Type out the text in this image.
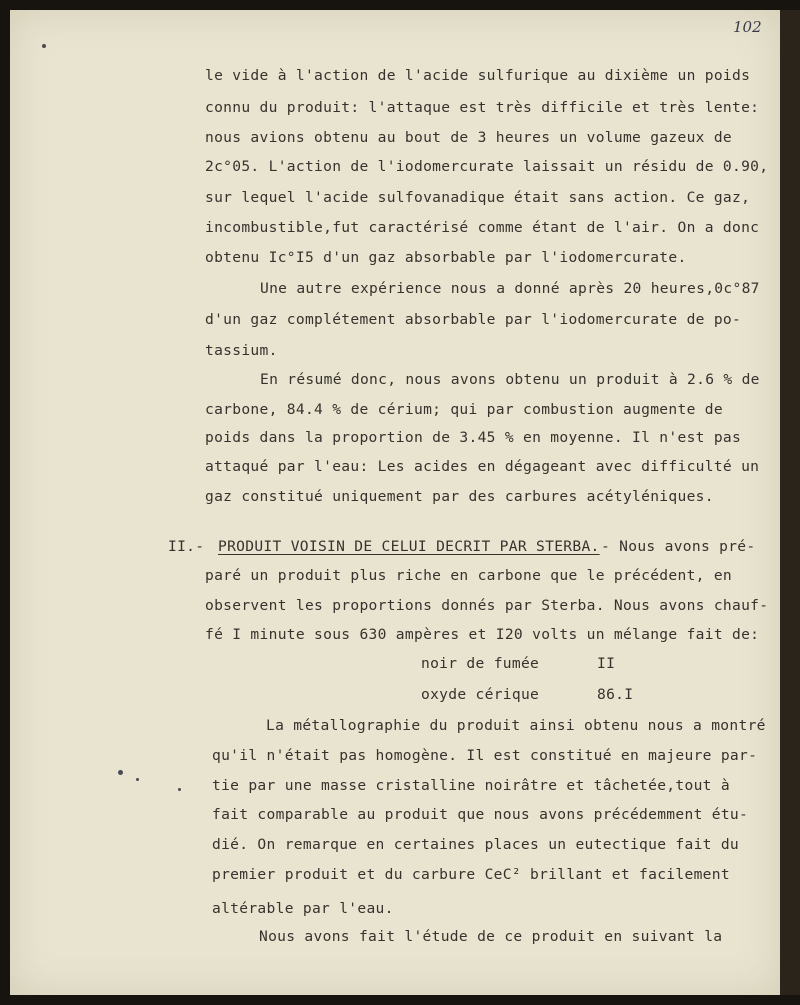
102
le vide à l'action de l'acide sulfurique au dixième un poids
connu du produit: l'attaque est très difficile et très lente:
nous avions obtenu au bout de 3 heures un volume gazeux de
2c°05. L'action de l'iodomercurate laissait un résidu de 0.90,
sur lequel l'acide sulfovanadique était sans action. Ce gaz,
incombustible,fut caractérisé comme étant de l'air. On a donc
obtenu Ic°I5 d'un gaz absorbable par l'iodomercurate.
Une autre expérience nous a donné après 20 heures,0c°87
d'un gaz complétement absorbable par l'iodomercurate de po-
tassium.
En résumé donc, nous avons obtenu un produit à 2.6 % de
carbone, 84.4 % de cérium; qui par combustion augmente de
poids dans la proportion de 3.45 % en moyenne. Il n'est pas
attaqué par l'eau: Les acides en dégageant avec difficulté un
gaz constitué uniquement par des carbures acétyléniques.
II.- PRODUIT VOISIN DE CELUI DECRIT PAR STERBA. - Nous avons pré-
paré un produit plus riche en carbone que le précédent, en
observent les proportions donnés par Sterba. Nous avons chauf-
fé I minute sous 630 ampères et I20 volts un mélange fait de:
noir de fumée	II
oxyde cérique	86.I
La métallographie du produit ainsi obtenu nous a montré
qu'il n'était pas homogène. Il est constitué en majeure par-
tie par une masse cristalline noirâtre et tâchetée,tout à
fait comparable au produit que nous avons précédemment étu-
dié. On remarque en certaines places un eutectique fait du
premier produit et du carbure CeC² brillant et facilement
altérable par l'eau.
Nous avons fait l'étude de ce produit en suivant la
